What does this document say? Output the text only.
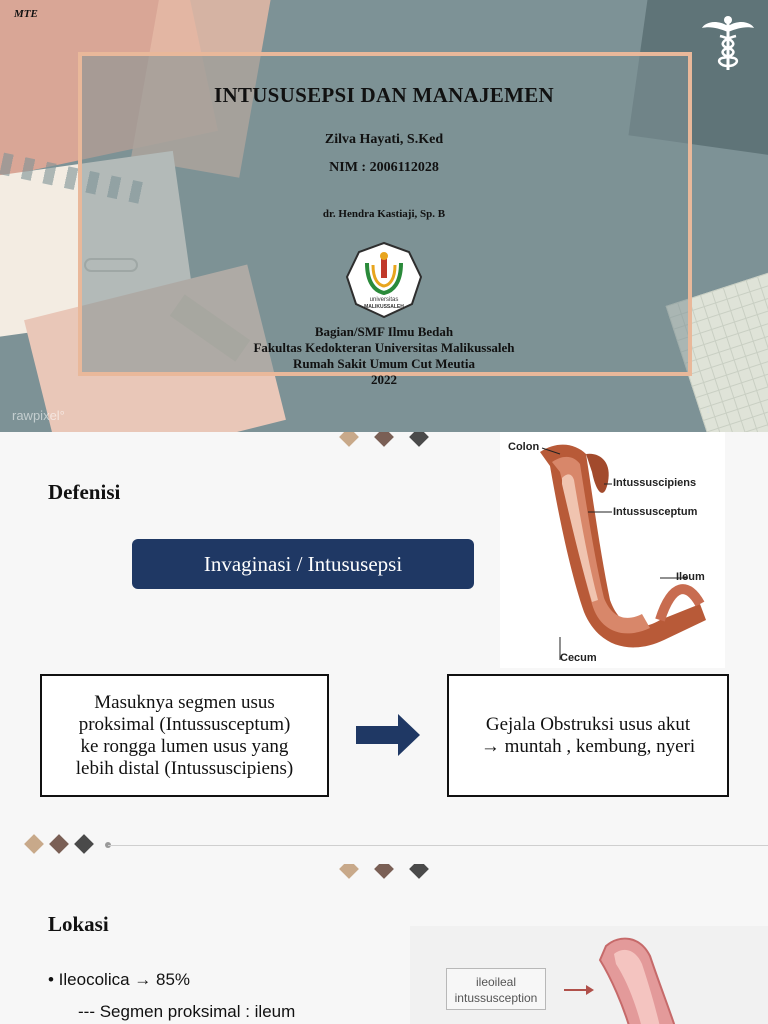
MTE
INTUSUSEPSI DAN MANAJEMEN
Zilva Hayati, S.Ked
NIM : 2006112028
dr. Hendra Kastiaji, Sp. B
universitas
MALIKUSSALEH
Bagian/SMF Ilmu Bedah
Fakultas Kedokteran Universitas Malikussaleh
Rumah Sakit Umum Cut Meutia
2022
rawpixel°	1
Defenisi
Invaginasi / Intususepsi
Masuknya segmen usus
proksimal (Intussusceptum)
ke rongga lumen usus yang
lebih distal (Intussuscipiens)
Gejala Obstruksi usus akut
→ muntah , kembung, nyeri
Colon
Intussuscipiens
Intussusceptum
Ileum
Cecum
Lokasi
• Ileocolica → 85%
--- Segmen proksimal : ileum
ileoileal intussusception
